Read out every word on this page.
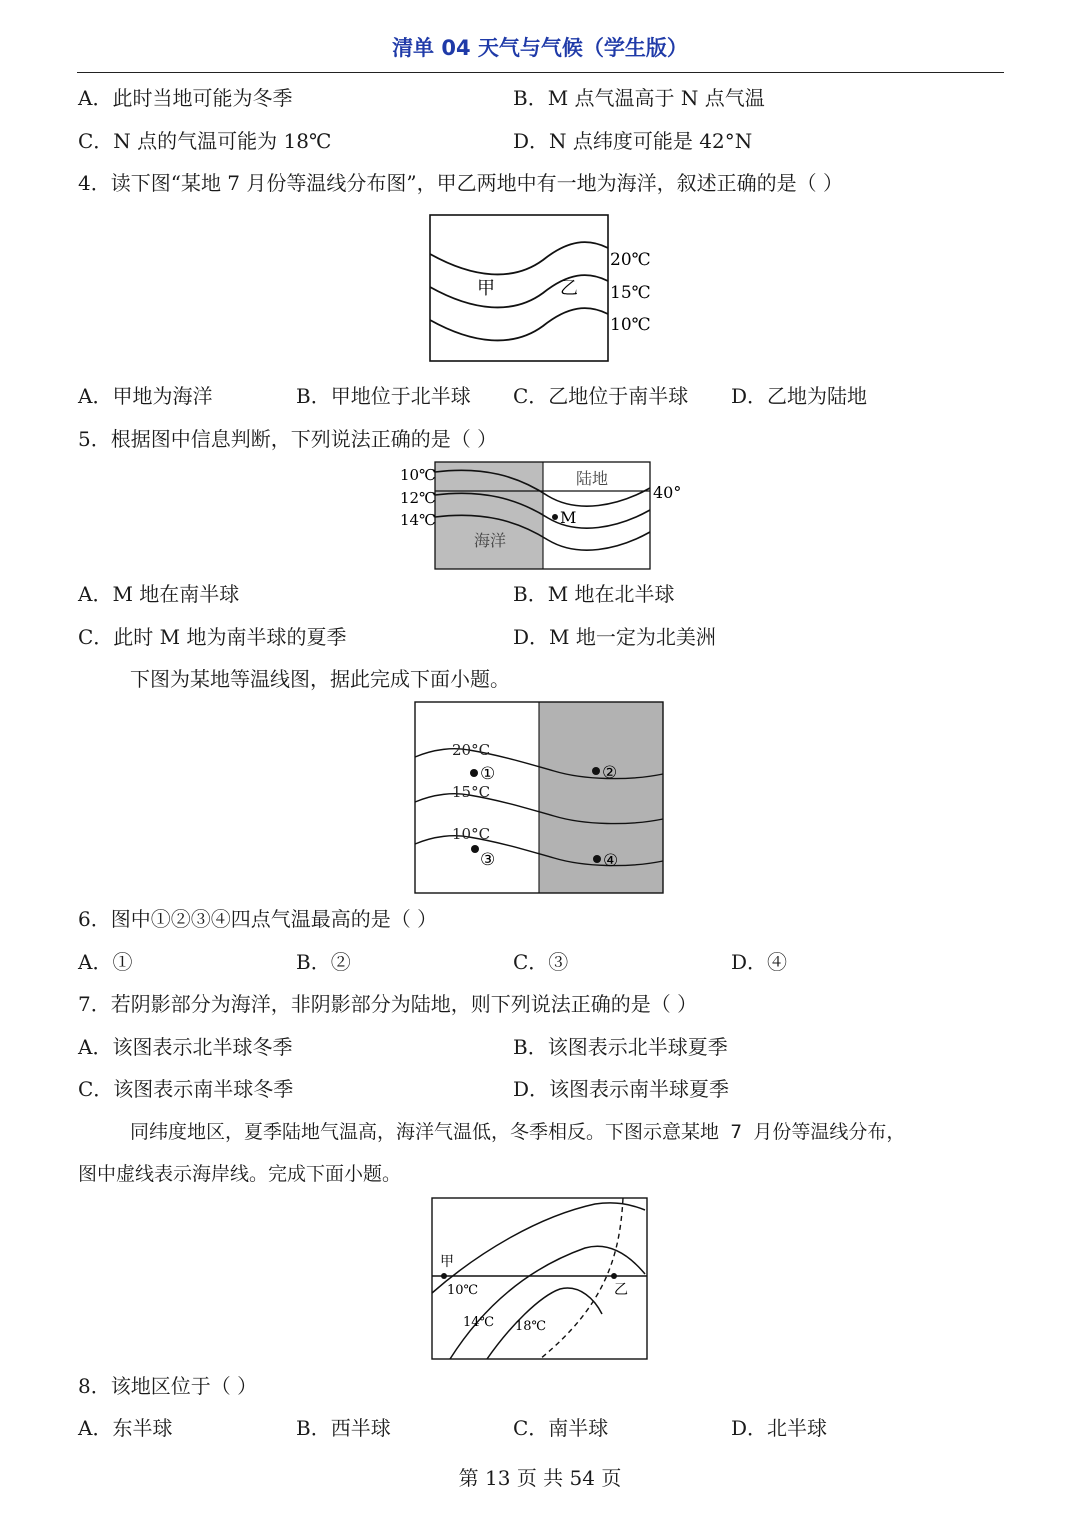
清单 04 天气与气候（学生版）
A．此时当地可能为冬季	B．M 点气温高于 N 点气温
C．N 点的气温可能为 18℃	D．N 点纬度可能是 42°N
4．读下图“某地 7 月份等温线分布图”，甲乙两地中有一地为海洋，叙述正确的是（ ）
甲	乙
20℃
15℃
10℃
A．甲地为海洋	B．甲地位于北半球 C．乙地位于南半球 D．乙地为陆地
5．根据图中信息判断，下列说法正确的是（ ）
10℃
12℃
14℃
陆地
海洋
40°
M
A．M 地在南半球	B．M 地在北半球
C．此时 M 地为南半球的夏季	D．M 地一定为北美洲
下图为某地等温线图，据此完成下面小题。
20°C
15°C
10°C
①	②
③	④
6．图中①②③④四点气温最高的是（ ）
A．①	B．②	C．③	D．④
7．若阴影部分为海洋，非阴影部分为陆地，则下列说法正确的是（ ）
A．该图表示北半球冬季	B．该图表示北半球夏季
C．该图表示南半球冬季	D．该图表示南半球夏季
同纬度地区，夏季陆地气温高，海洋气温低，冬季相反。下图示意某地 7 月份等温线分布，
图中虚线表示海岸线。完成下面小题。
甲
乙
10℃
14℃ 18℃
8．该地区位于（ ）
A．东半球	B．西半球	C．南半球	D．北半球
第 13 页 共 54 页
